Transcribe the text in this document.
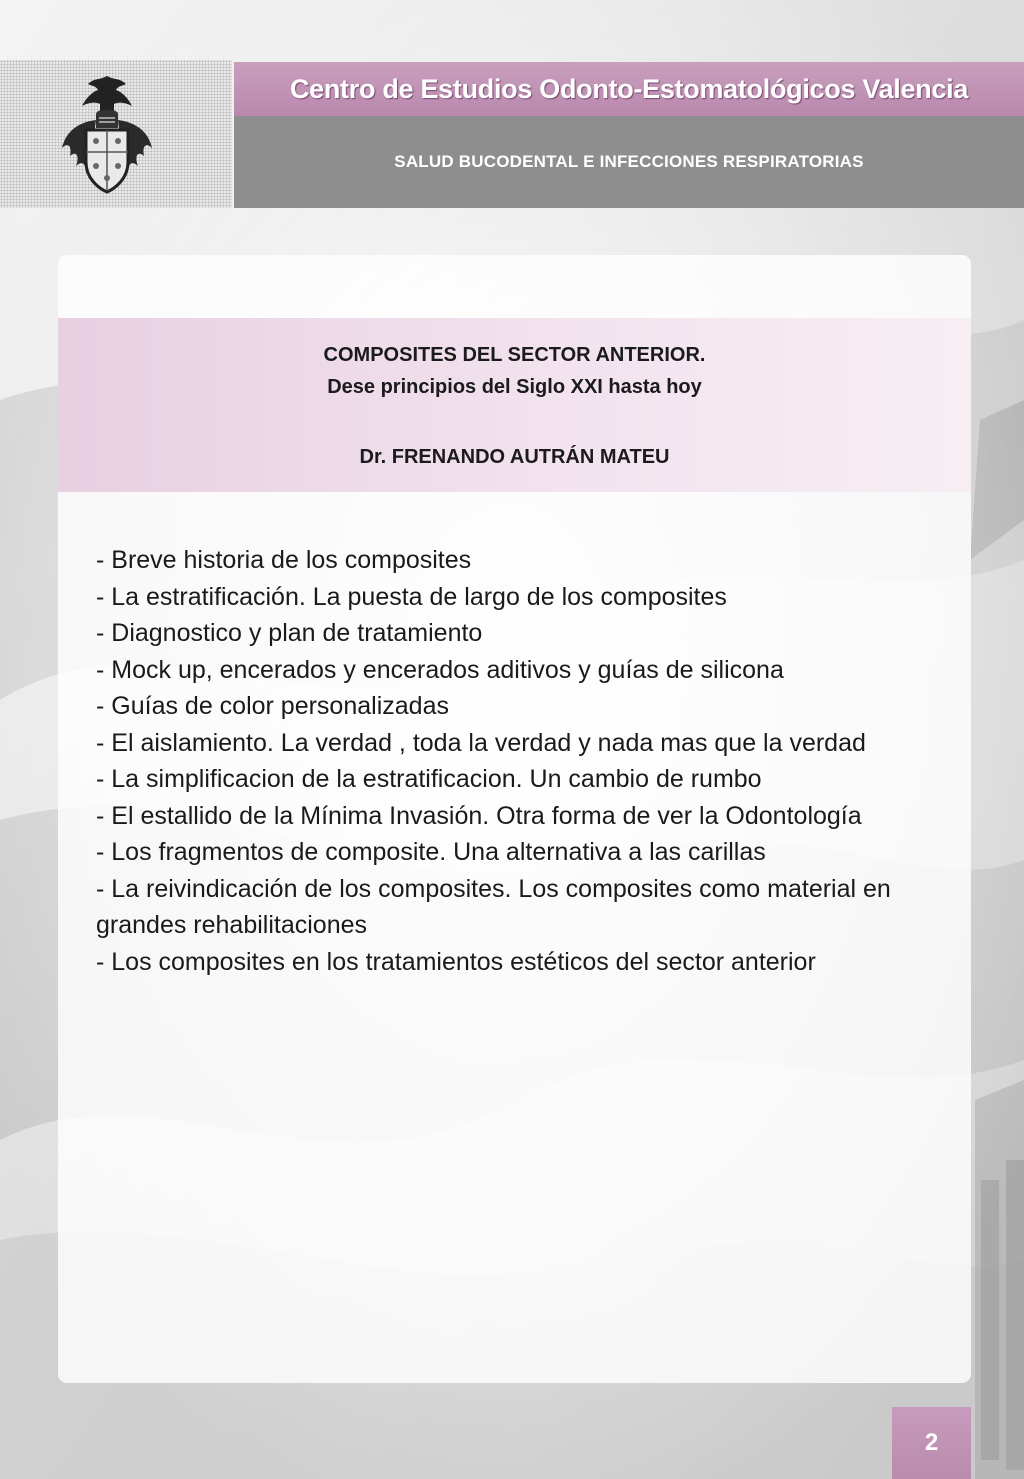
Centro de Estudios Odonto-Estomatológicos Valencia
SALUD BUCODENTAL E INFECCIONES RESPIRATORIAS
COMPOSITES DEL SECTOR ANTERIOR.
Dese principios del Siglo XXI hasta hoy
Dr. FRENANDO AUTRÁN MATEU
- Breve historia de los composites
- La estratificación. La puesta de largo de los composites
- Diagnostico y plan de tratamiento
- Mock up, encerados y encerados aditivos y guías de silicona
- Guías de color personalizadas
- El aislamiento. La verdad , toda la verdad y nada mas que la verdad
- La simplificacion de la estratificacion. Un cambio de rumbo
- El estallido de la Mínima Invasión. Otra forma de ver la Odontología
- Los fragmentos de composite. Una alternativa a las carillas
- La reivindicación de los composites. Los composites como material en grandes rehabilitaciones
- Los composites en los tratamientos estéticos del sector anterior
2
